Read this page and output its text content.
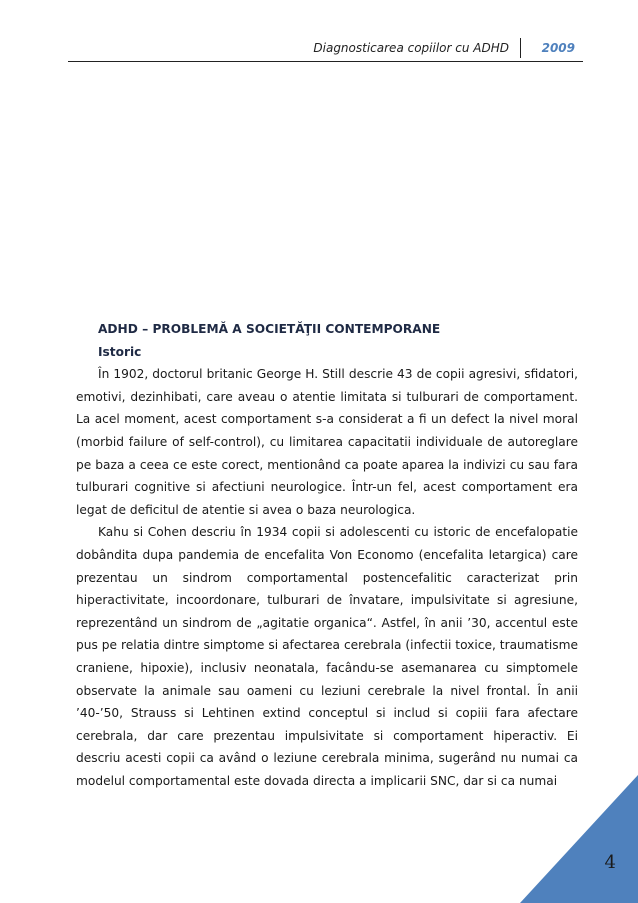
Diagnosticarea copiilor cu ADHD	2009

ADHD – PROBLEMĂ A SOCIETĂŢII CONTEMPORANE

Istoric

În 1902, doctorul britanic George H. Still descrie 43 de copii agresivi, sfidatori, emotivi, dezinhibati, care aveau o atentie limitata si tulburari de comportament. La acel moment, acest comportament s-a considerat a fi un defect la nivel moral (morbid failure of self-control), cu limitarea capacitatii individuale de autoreglare pe baza a ceea ce este corect, mentionând ca poate aparea la indivizi cu sau fara tulburari cognitive si afectiuni neurologice. Într-un fel, acest comportament era legat de deficitul de atentie si avea o baza neurologica.

Kahu si Cohen descriu în 1934 copii si adolescenti cu istoric de encefalopatie dobândita dupa pandemia de encefalita Von Economo (encefalita letargica) care prezentau un sindrom comportamental postencefalitic caracterizat prin hiperactivitate, incoordonare, tulburari de învatare, impulsivitate si agresiune, reprezentând un sindrom de „agitatie organica“. Astfel, în anii ’30, accentul este pus pe relatia dintre simptome si afectarea cerebrala (infectii toxice, traumatisme craniene, hipoxie), inclusiv neonatala, facându-se asemanarea cu simptomele observate la animale sau oameni cu leziuni cerebrale la nivel frontal. În anii ’40-’50, Strauss si Lehtinen extind conceptul si includ si copiii fara afectare cerebrala, dar care prezentau impulsivitate si comportament hiperactiv. Ei descriu acesti copii ca având o leziune cerebrala minima, sugerând nu numai ca modelul comportamental este dovada directa a implicarii SNC, dar si ca numai

4
